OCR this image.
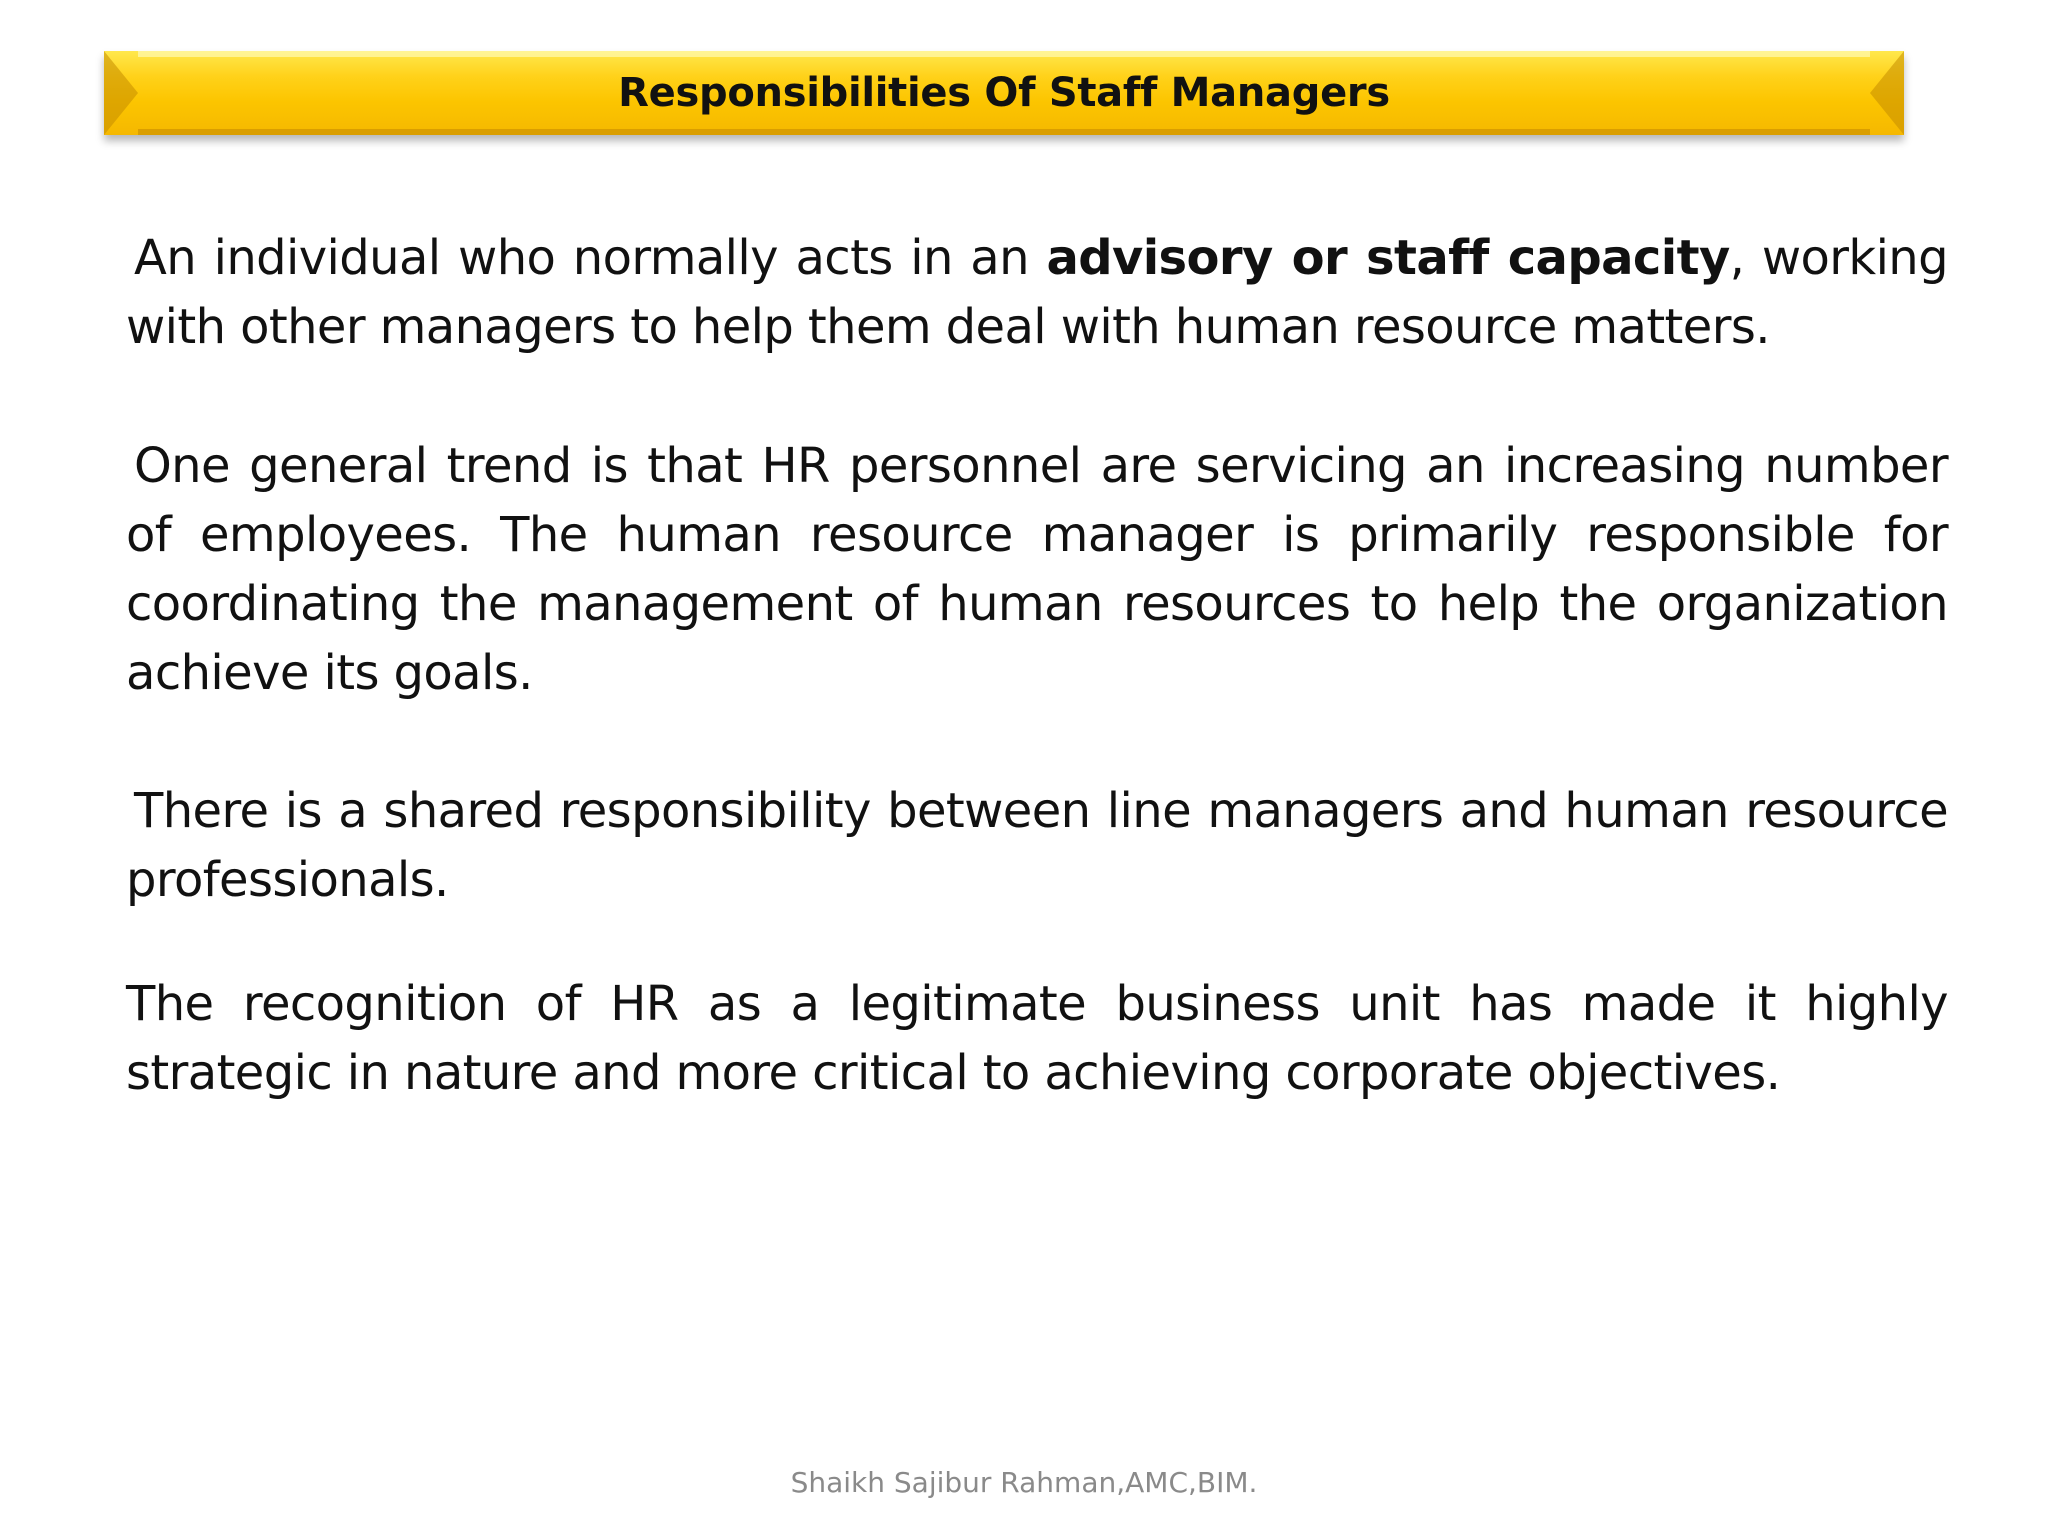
Responsibilities Of Staff Managers

An individual who normally acts in an advisory or staff capacity, working with other managers to help them deal with human resource matters.

One general trend is that HR personnel are servicing an increasing number of employees. The human resource manager is primarily responsible for coordinating the management of human resources to help the organization achieve its goals.

There is a shared responsibility between line managers and human resource professionals.

The recognition of HR as a legitimate business unit has made it highly strategic in nature and more critical to achieving corporate objectives.

Shaikh Sajibur Rahman,AMC,BIM.
